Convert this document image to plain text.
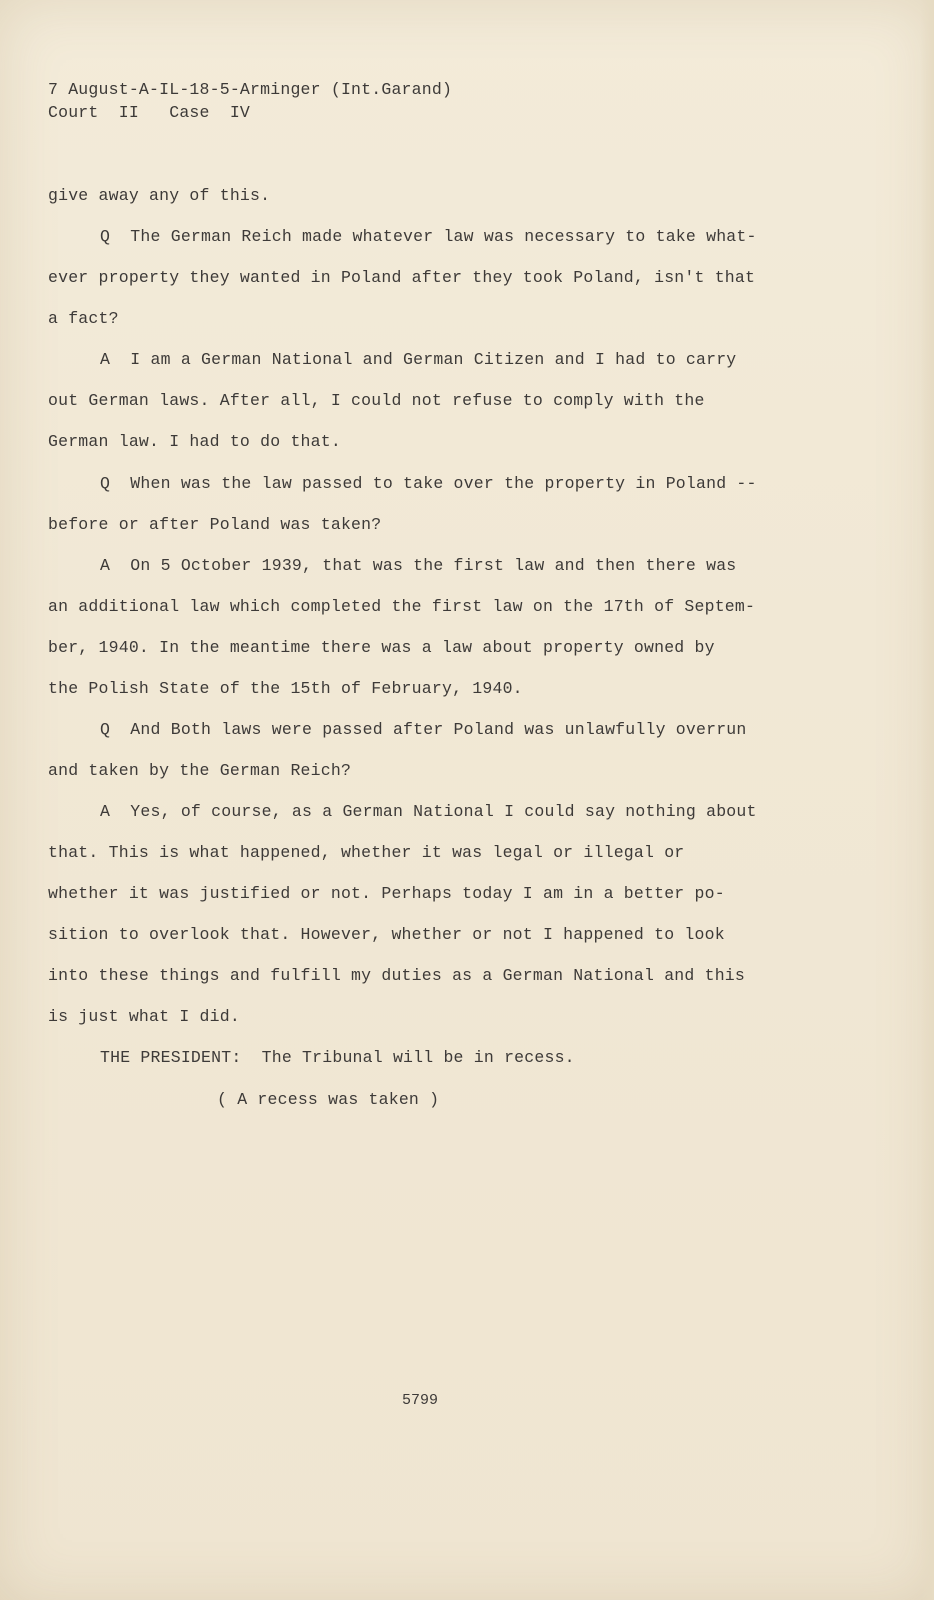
7 August-A-IL-18-5-Arminger (Int.Garand)
Court  II   Case  IV
give away any of this.
Q  The German Reich made whatever law was necessary to take what-
ever property they wanted in Poland after they took Poland, isn't that
a fact?
A  I am a German National and German Citizen and I had to carry
out German laws. After all, I could not refuse to comply with the
German law. I had to do that.
Q  When was the law passed to take over the property in Poland --
before or after Poland was taken?
A  On 5 October 1939, that was the first law and then there was
an additional law which completed the first law on the 17th of Septem-
ber, 1940. In the meantime there was a law about property owned by
the Polish State of the 15th of February, 1940.
Q  And Both laws were passed after Poland was unlawfully overrun
and taken by the German Reich?
A  Yes, of course, as a German National I could say nothing about
that. This is what happened, whether it was legal or illegal or
whether it was justified or not. Perhaps today I am in a better po-
sition to overlook that. However, whether or not I happened to look
into these things and fulfill my duties as a German National and this
is just what I did.
THE PRESIDENT:  The Tribunal will be in recess.
( A recess was taken )
5799
